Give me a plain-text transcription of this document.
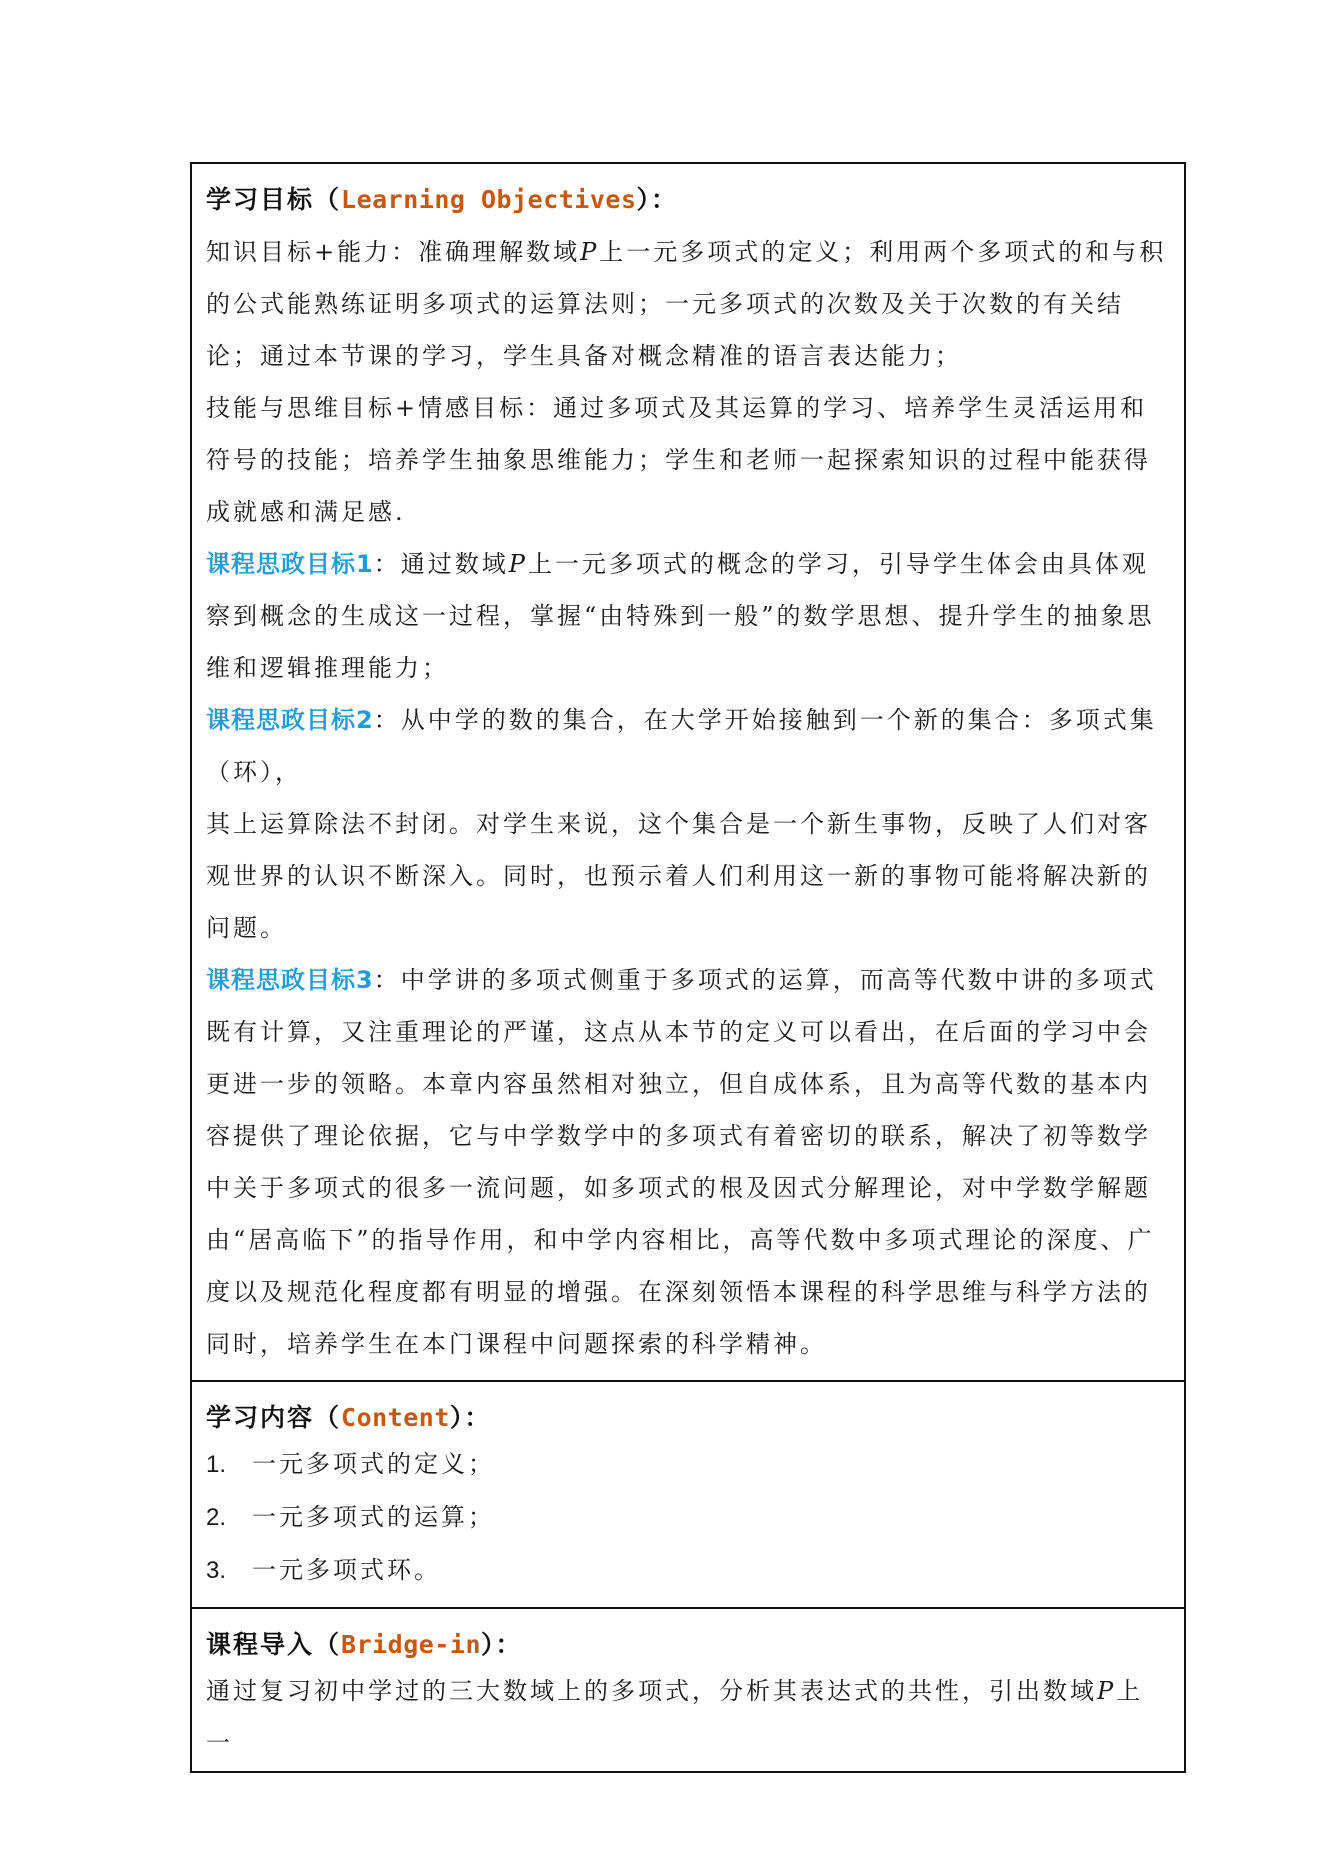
学习目标（Learning Objectives）：

知识目标+能力：准确理解数域𝑃上一元多项式的定义；利用两个多项式的和与积的公式能熟练证明多项式的运算法则；一元多项式的次数及关于次数的有关结论；通过本节课的学习，学生具备对概念精准的语言表达能力；

技能与思维目标+情感目标：通过多项式及其运算的学习、培养学生灵活运用和符号的技能；培养学生抽象思维能力；学生和老师一起探索知识的过程中能获得成就感和满足感.

课程思政目标1：通过数域𝑃上一元多项式的概念的学习，引导学生体会由具体观察到概念的生成这一过程，掌握“由特殊到一般”的数学思想、提升学生的抽象思维和逻辑推理能力；

课程思政目标2：从中学的数的集合，在大学开始接触到一个新的集合：多项式集（环），

其上运算除法不封闭。对学生来说，这个集合是一个新生事物，反映了人们对客观世界的认识不断深入。同时，也预示着人们利用这一新的事物可能将解决新的问题。

课程思政目标3：中学讲的多项式侧重于多项式的运算，而高等代数中讲的多项式既有计算，又注重理论的严谨，这点从本节的定义可以看出，在后面的学习中会更进一步的领略。本章内容虽然相对独立，但自成体系，且为高等代数的基本内容提供了理论依据，它与中学数学中的多项式有着密切的联系，解决了初等数学中关于多项式的很多一流问题，如多项式的根及因式分解理论，对中学数学解题由“居高临下”的指导作用，和中学内容相比，高等代数中多项式理论的深度、广度以及规范化程度都有明显的增强。在深刻领悟本课程的科学思维与科学方法的同时，培养学生在本门课程中问题探索的科学精神。

学习内容（Content）：

1.	一元多项式的定义；
2.	一元多项式的运算；
3.	一元多项式环。

课程导入（Bridge-in）：

通过复习初中学过的三大数域上的多项式，分析其表达式的共性，引出数域𝑃上一
